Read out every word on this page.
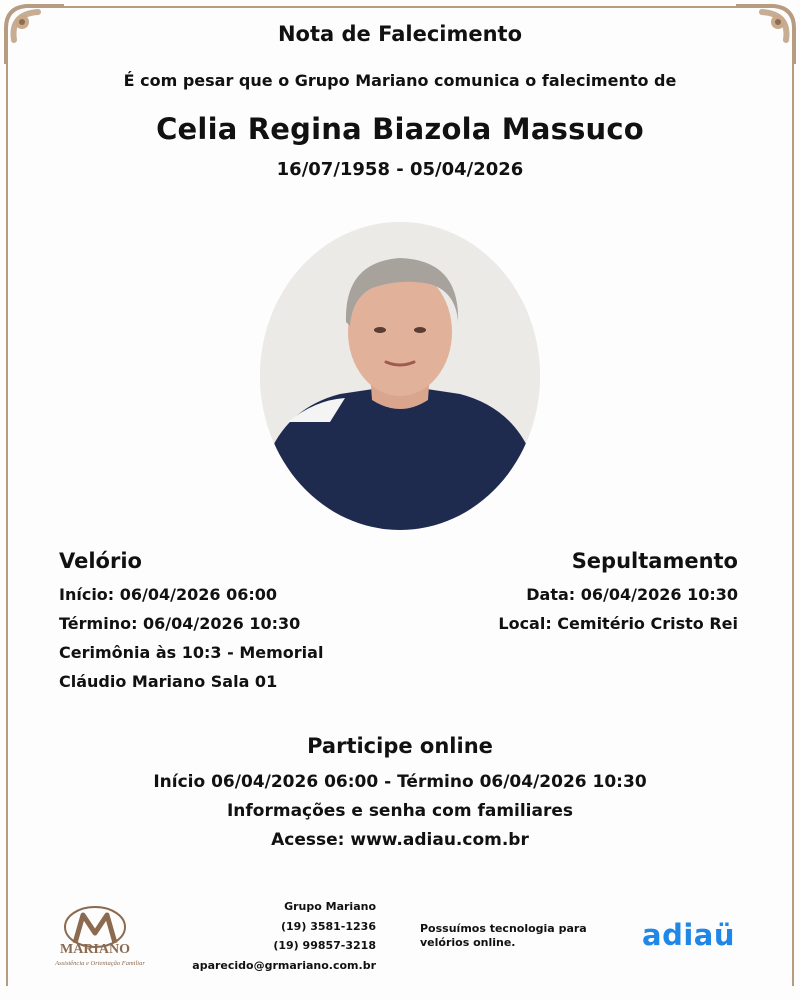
Nota de Falecimento
É com pesar que o Grupo Mariano comunica o falecimento de
Celia Regina Biazola Massuco
16/07/1958 - 05/04/2026
Velório
Início: 06/04/2026 06:00
Término: 06/04/2026 10:30
Cerimônia às 10:3 - Memorial
Cláudio Mariano Sala 01
Sepultamento
Data: 06/04/2026 10:30
Local: Cemitério Cristo Rei
Participe online
Início 06/04/2026 06:00 - Término 06/04/2026 10:30
Informações e senha com familiares
Acesse: www.adiau.com.br
MARIANO
Assistência e Orientação Familiar
Grupo Mariano
(19) 3581-1236
(19) 99857-3218
aparecido@grmariano.com.br
Possuímos tecnologia para
velórios online.	adiaü
